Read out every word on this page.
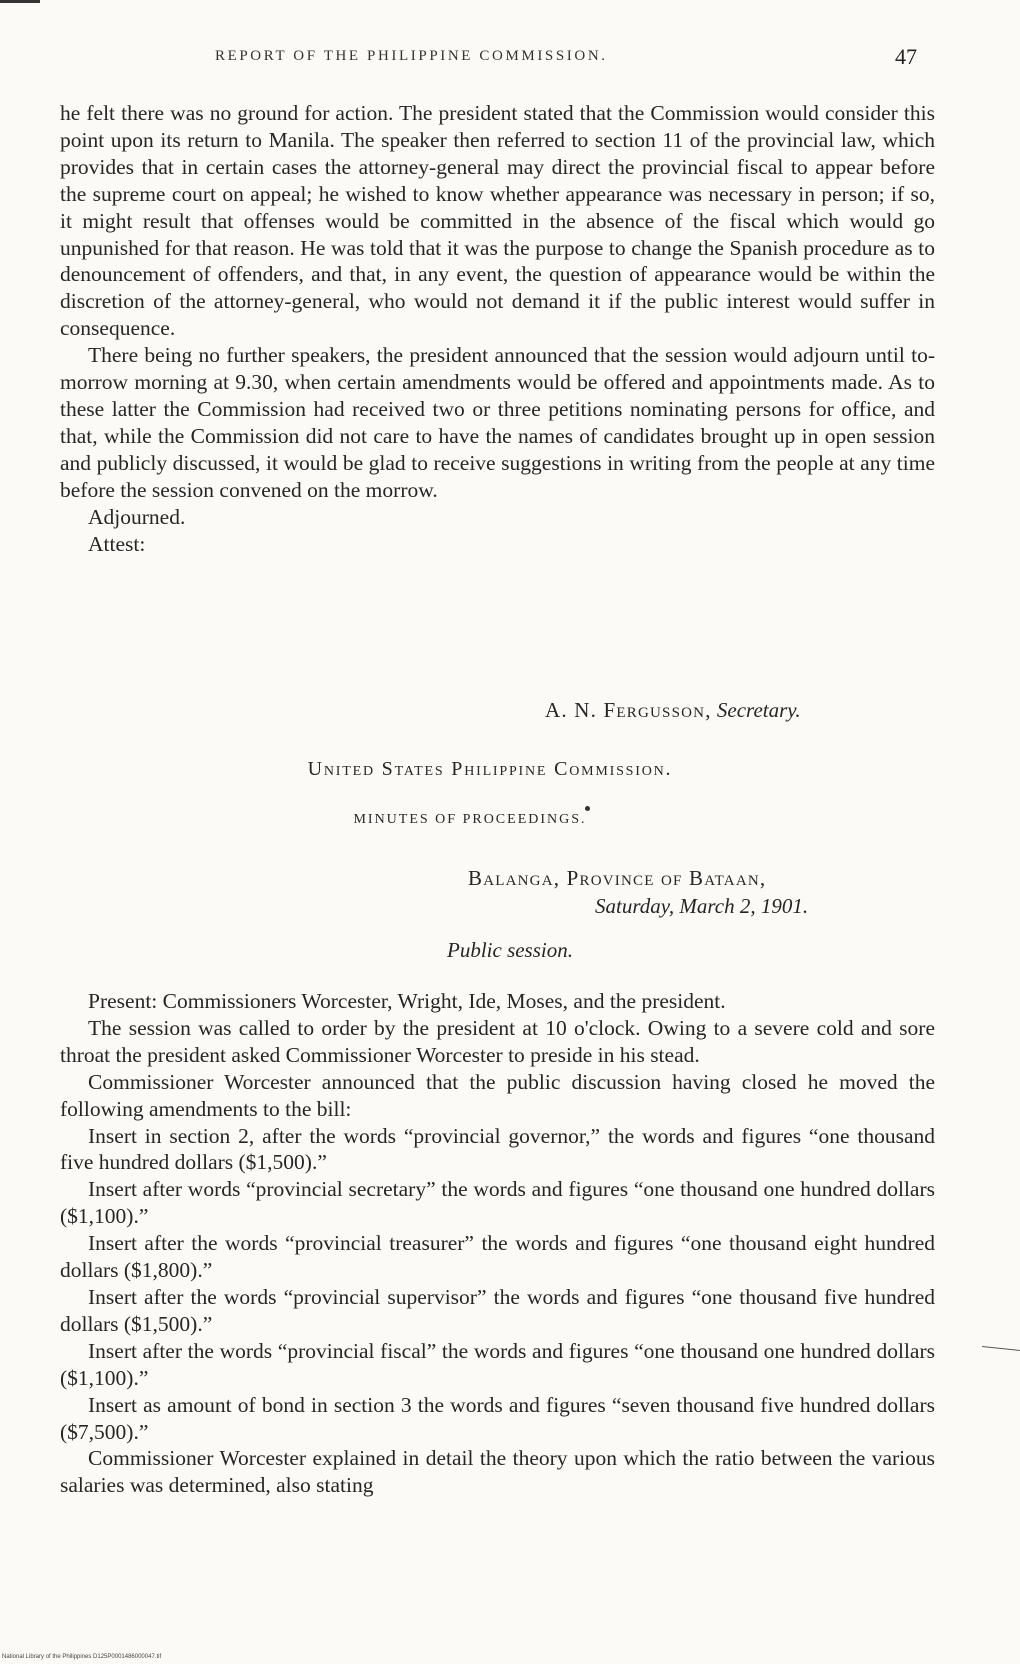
REPORT OF THE PHILIPPINE COMMISSION.	47

he felt there was no ground for action. The president stated that the Commission would consider this point upon its return to Manila. The speaker then referred to section 11 of the provincial law, which provides that in certain cases the attorney-general may direct the provincial fiscal to appear before the supreme court on appeal; he wished to know whether appearance was necessary in person; if so, it might result that offenses would be committed in the absence of the fiscal which would go unpunished for that reason. He was told that it was the purpose to change the Spanish procedure as to denouncement of offenders, and that, in any event, the question of appearance would be within the discretion of the attorney-general, who would not demand it if the public interest would suffer in consequence.

There being no further speakers, the president announced that the session would adjourn until to-morrow morning at 9.30, when certain amendments would be offered and appointments made. As to these latter the Commission had received two or three petitions nominating persons for office, and that, while the Commission did not care to have the names of candidates brought up in open session and publicly discussed, it would be glad to receive suggestions in writing from the people at any time before the session convened on the morrow.

Adjourned.

Attest:

A. N. Fergusson, Secretary.
United States Philippine Commission.
MINUTES OF PROCEEDINGS.
Balanga, Province of Bataan,
Saturday, March 2, 1901.
Public session.

Present: Commissioners Worcester, Wright, Ide, Moses, and the president.

The session was called to order by the president at 10 o'clock. Owing to a severe cold and sore throat the president asked Commissioner Worcester to preside in his stead.

Commissioner Worcester announced that the public discussion having closed he moved the following amendments to the bill:

Insert in section 2, after the words “provincial governor,” the words and figures “one thousand five hundred dollars ($1,500).”

Insert after words “provincial secretary” the words and figures “one thousand one hundred dollars ($1,100).”

Insert after the words “provincial treasurer” the words and figures “one thousand eight hundred dollars ($1,800).”

Insert after the words “provincial supervisor” the words and figures “one thousand five hundred dollars ($1,500).”

Insert after the words “provincial fiscal” the words and figures “one thousand one hundred dollars ($1,100).”

Insert as amount of bond in section 3 the words and figures “seven thousand five hundred dollars ($7,500).”

Commissioner Worcester explained in detail the theory upon which the ratio between the various salaries was determined, also stating

National Library of the Philippines D125P0001486000047.tif
